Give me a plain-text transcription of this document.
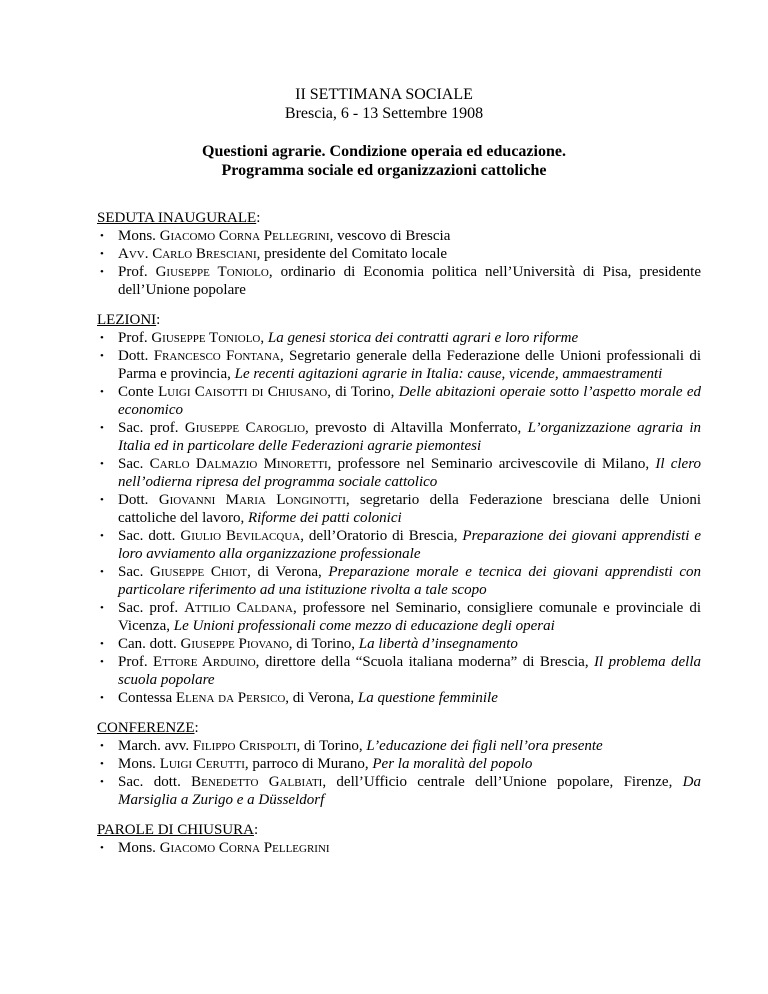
II SETTIMANA SOCIALE
Brescia, 6 - 13 Settembre 1908
Questioni agrarie. Condizione operaia ed educazione.
Programma sociale ed organizzazioni cattoliche
SEDUTA INAUGURALE:
• Mons. Giacomo Corna Pellegrini, vescovo di Brescia
• Avv. Carlo Bresciani, presidente del Comitato locale
• Prof. Giuseppe Toniolo, ordinario di Economia politica nell’Università di Pisa, presidente dell’Unione popolare
LEZIONI:
• Prof. Giuseppe Toniolo, La genesi storica dei contratti agrari e loro riforme
• Dott. Francesco Fontana, Segretario generale della Federazione delle Unioni professionali di Parma e provincia, Le recenti agitazioni agrarie in Italia: cause, vicende, ammaestramenti
• Conte Luigi Caisotti di Chiusano, di Torino, Delle abitazioni operaie sotto l’aspetto morale ed economico
• Sac. prof. Giuseppe Caroglio, prevosto di Altavilla Monferrato, L’organizzazione agraria in Italia ed in particolare delle Federazioni agrarie piemontesi
• Sac. Carlo Dalmazio Minoretti, professore nel Seminario arcivescovile di Milano, Il clero nell’odierna ripresa del programma sociale cattolico
• Dott. Giovanni Maria Longinotti, segretario della Federazione bresciana delle Unioni cattoliche del lavoro, Riforme dei patti colonici
• Sac. dott. Giulio Bevilacqua, dell’Oratorio di Brescia, Preparazione dei giovani apprendisti e loro avviamento alla organizzazione professionale
• Sac. Giuseppe Chiot, di Verona, Preparazione morale e tecnica dei giovani apprendisti con particolare riferimento ad una istituzione rivolta a tale scopo
• Sac. prof. Attilio Caldana, professore nel Seminario, consigliere comunale e provinciale di Vicenza, Le Unioni professionali come mezzo di educazione degli operai
• Can. dott. Giuseppe Piovano, di Torino, La libertà d’insegnamento
• Prof. Ettore Arduino, direttore della “Scuola italiana moderna” di Brescia, Il problema della scuola popolare
• Contessa Elena da Persico, di Verona, La questione femminile
CONFERENZE:
• March. avv. Filippo Crispolti, di Torino, L’educazione dei figli nell’ora presente
• Mons. Luigi Cerutti, parroco di Murano, Per la moralità del popolo
• Sac. dott. Benedetto Galbiati, dell’Ufficio centrale dell’Unione popolare, Firenze, Da Marsiglia a Zurigo e a Düsseldorf
PAROLE DI CHIUSURA:
• Mons. Giacomo Corna Pellegrini
